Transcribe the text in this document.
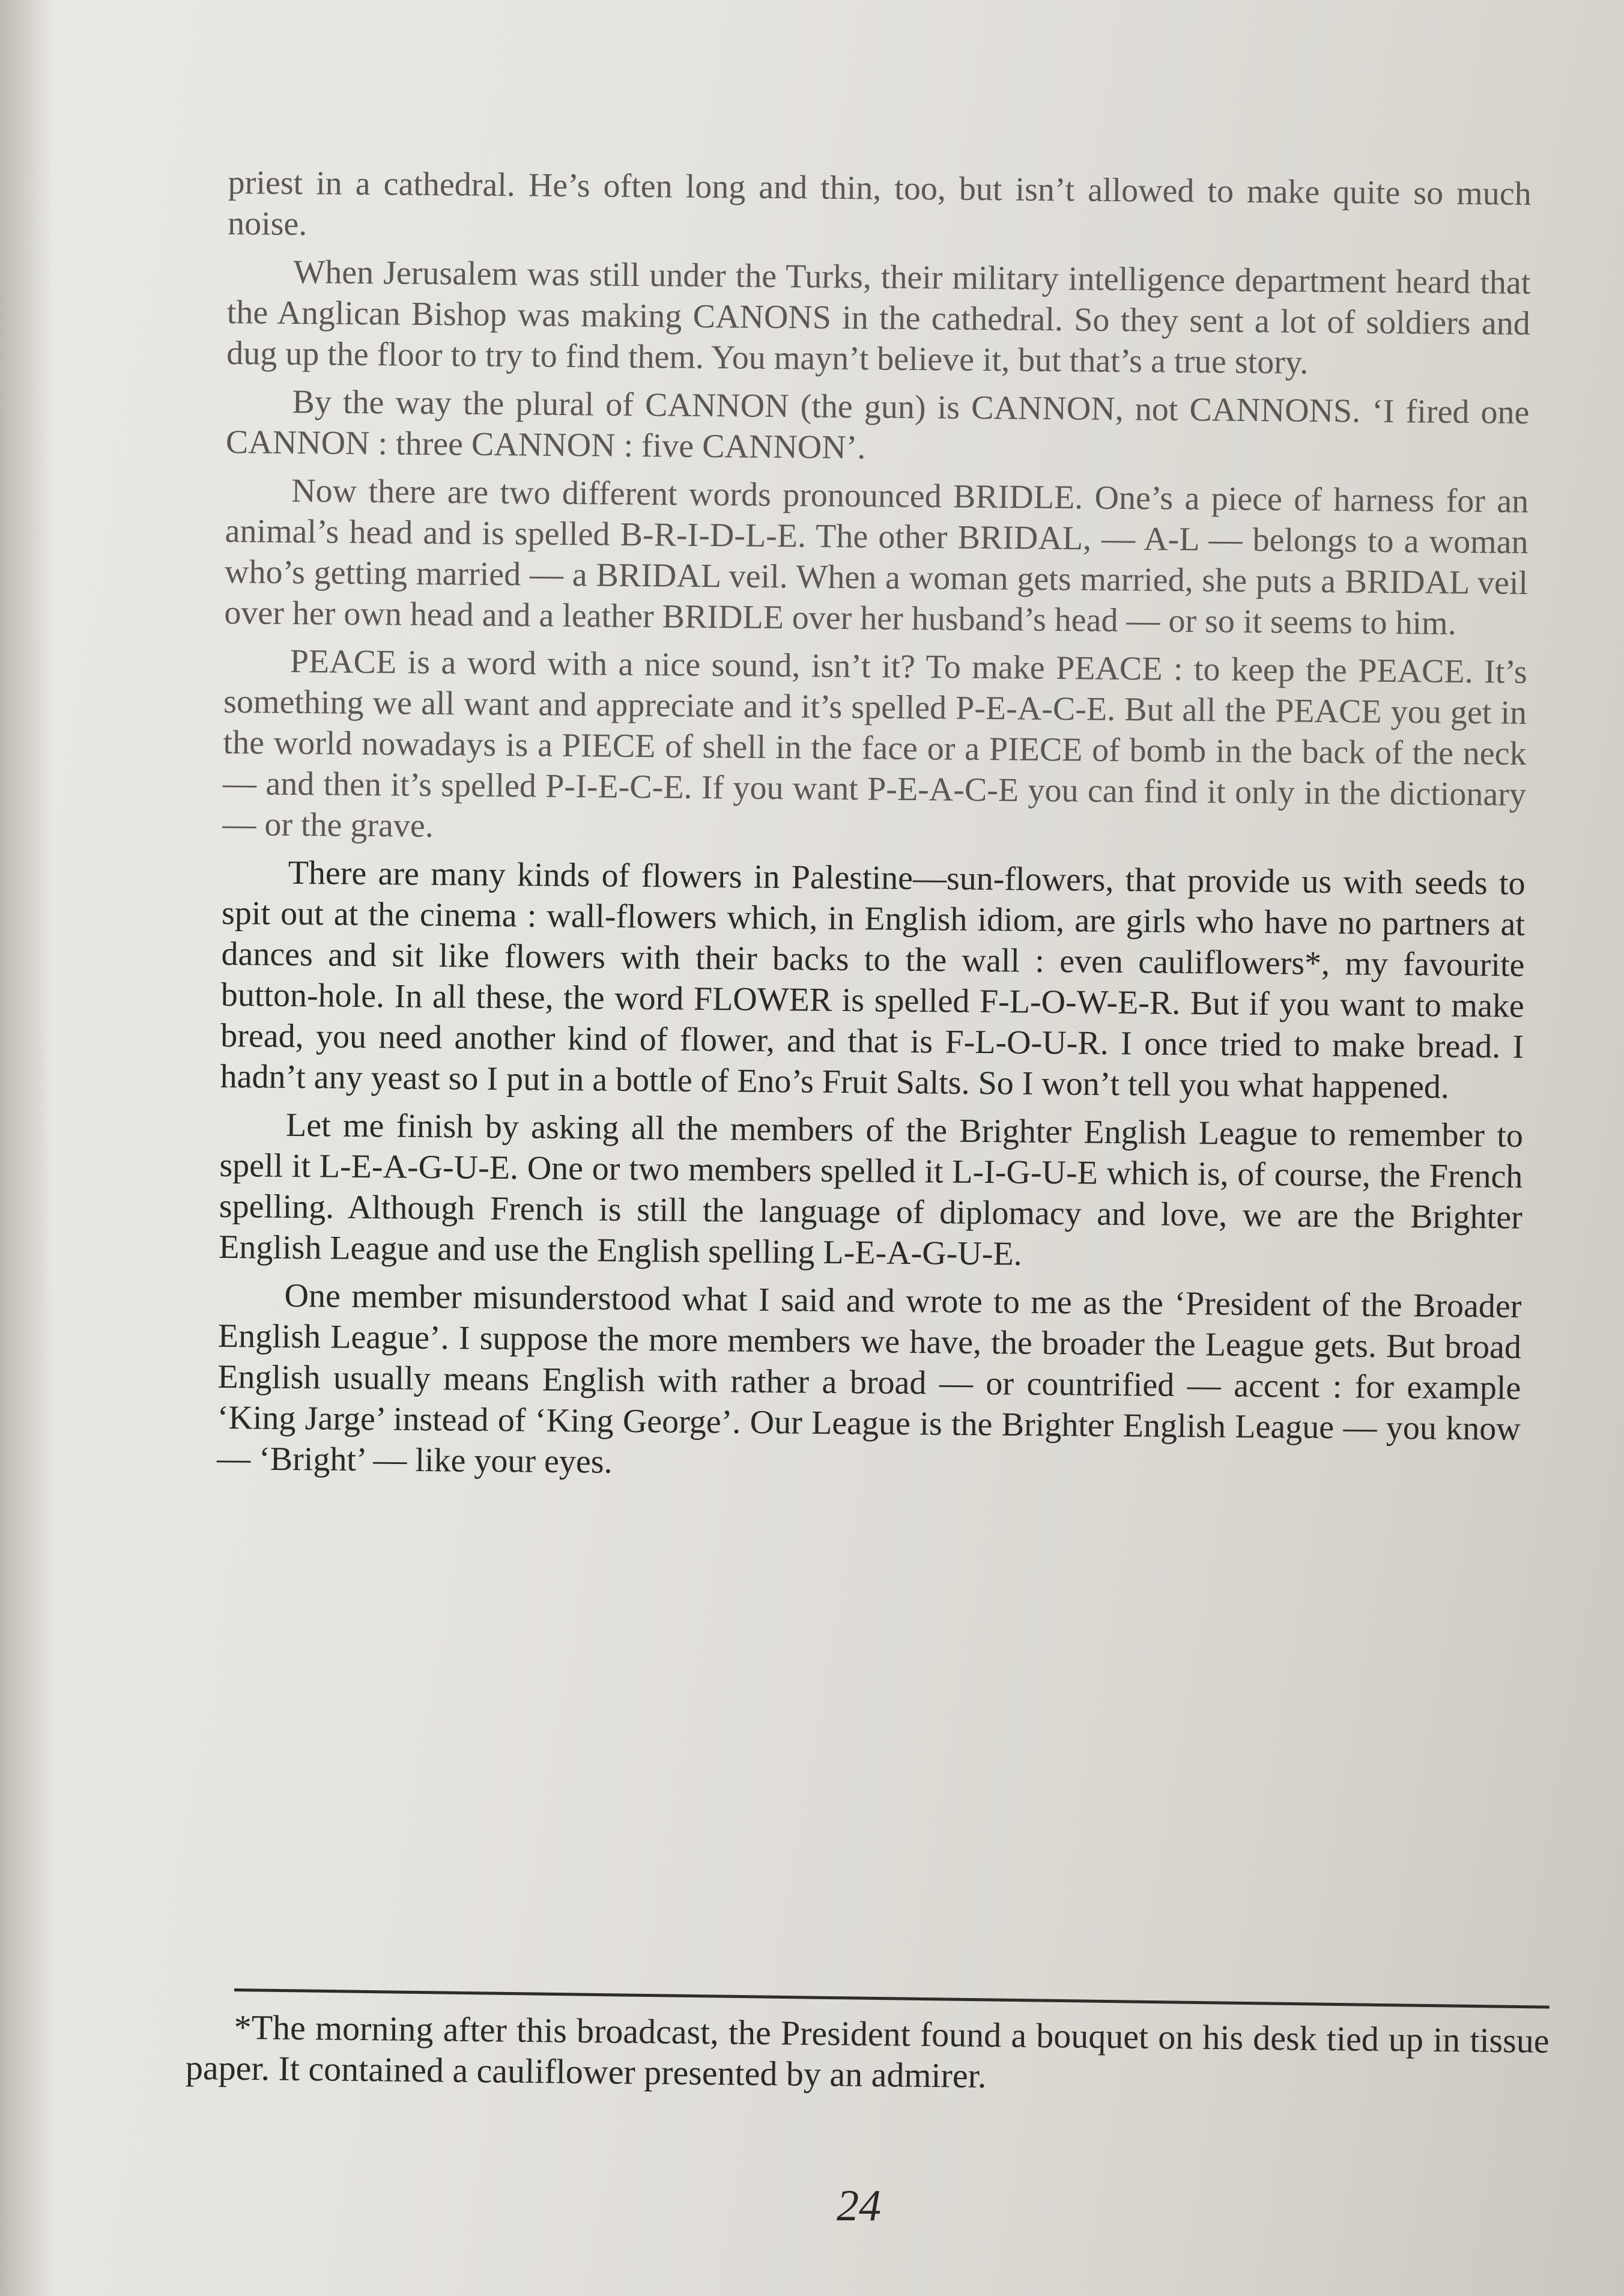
priest in a cathedral. He’s often long and thin, too, but isn’t allowed to make quite so much noise.

When Jerusalem was still under the Turks, their military intelligence department heard that the Anglican Bishop was making CANONS in the cathedral. So they sent a lot of soldiers and dug up the floor to try to find them. You mayn’t believe it, but that’s a true story.

By the way the plural of CANNON (the gun) is CANNON, not CANNONS. ‘I fired one CANNON : three CANNON : five CANNON’.

Now there are two different words pronounced BRIDLE. One’s a piece of harness for an animal’s head and is spelled B-R-I-D-L-E. The other BRIDAL, — A-L — belongs to a woman who’s getting married — a BRIDAL veil. When a woman gets married, she puts a BRIDAL veil over her own head and a leather BRIDLE over her husband’s head — or so it seems to him.

PEACE is a word with a nice sound, isn’t it? To make PEACE : to keep the PEACE. It’s something we all want and appreciate and it’s spelled P-E-A-C-E. But all the PEACE you get in the world nowadays is a PIECE of shell in the face or a PIECE of bomb in the back of the neck — and then it’s spelled P-I-E-C-E. If you want P-E-A-C-E you can find it only in the dictionary — or the grave.

There are many kinds of flowers in Palestine—sun-flowers, that provide us with seeds to spit out at the cinema : wall-flowers which, in English idiom, are girls who have no partners at dances and sit like flowers with their backs to the wall : even cauliflowers*, my favourite button-hole. In all these, the word FLOWER is spelled F-L-O-W-E-R. But if you want to make bread, you need another kind of flower, and that is F-L-O-U-R. I once tried to make bread. I hadn’t any yeast so I put in a bottle of Eno’s Fruit Salts. So I won’t tell you what happened.

Let me finish by asking all the members of the Brighter English League to remember to spell it L-E-A-G-U-E. One or two members spelled it L-I-G-U-E which is, of course, the French spelling. Although French is still the language of diplomacy and love, we are the Brighter English League and use the English spelling L-E-A-G-U-E.

One member misunderstood what I said and wrote to me as the ‘President of the Broader English League’. I suppose the more members we have, the broader the League gets. But broad English usually means English with rather a broad — or countrified — accent : for example ‘King Jarge’ instead of ‘King George’. Our League is the Brighter English League — you know — ‘Bright’ — like your eyes.

*The morning after this broadcast, the President found a bouquet on his desk tied up in tissue paper. It contained a cauliflower presented by an admirer.

24
